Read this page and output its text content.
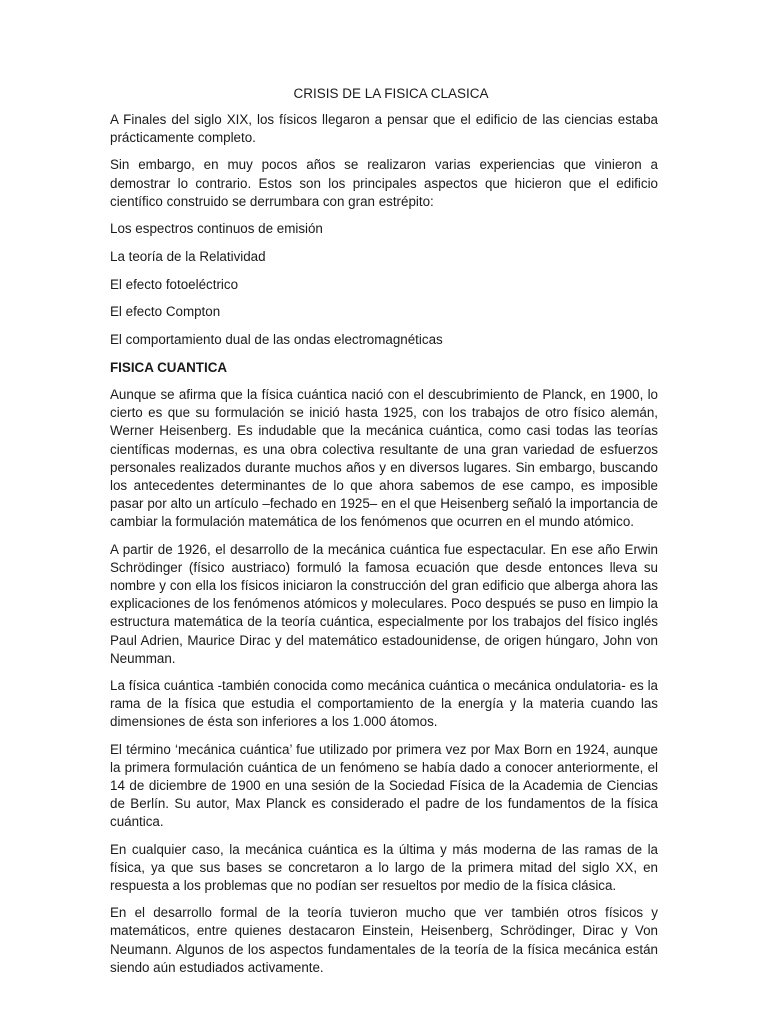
CRISIS DE LA FISICA CLASICA

A Finales del siglo XIX, los físicos llegaron a pensar que el edificio de las ciencias estaba prácticamente completo.

Sin embargo, en muy pocos años se realizaron varias experiencias que vinieron a demostrar lo contrario. Estos son los principales aspectos que hicieron que el edificio científico construido se derrumbara con gran estrépito:

Los espectros continuos de emisión

La teoría de la Relatividad

El efecto fotoeléctrico

El efecto Compton

El comportamiento dual de las ondas electromagnéticas

FISICA CUANTICA

Aunque se afirma que la física cuántica nació con el descubrimiento de Planck, en 1900, lo cierto es que su formulación se inició hasta 1925, con los trabajos de otro físico alemán, Werner Heisenberg. Es indudable que la mecánica cuántica, como casi todas las teorías científicas modernas, es una obra colectiva resultante de una gran variedad de esfuerzos personales realizados durante muchos años y en diversos lugares. Sin embargo, buscando los antecedentes determinantes de lo que ahora sabemos de ese campo, es imposible pasar por alto un artículo –fechado en 1925– en el que Heisenberg señaló la importancia de cambiar la formulación matemática de los fenómenos que ocurren en el mundo atómico.

A partir de 1926, el desarrollo de la mecánica cuántica fue espectacular. En ese año Erwin Schrödinger (físico austriaco) formuló la famosa ecuación que desde entonces lleva su nombre y con ella los físicos iniciaron la construcción del gran edificio que alberga ahora las explicaciones de los fenómenos atómicos y moleculares. Poco después se puso en limpio la estructura matemática de la teoría cuántica, especialmente por los trabajos del físico inglés Paul Adrien, Maurice Dirac y del matemático estadounidense, de origen húngaro, John von Neumman.

La física cuántica -también conocida como mecánica cuántica o mecánica ondulatoria- es la rama de la física que estudia el comportamiento de la energía y la materia cuando las dimensiones de ésta son inferiores a los 1.000 átomos.

El término ‘mecánica cuántica’ fue utilizado por primera vez por Max Born en 1924, aunque la primera formulación cuántica de un fenómeno se había dado a conocer anteriormente, el 14 de diciembre de 1900 en una sesión de la Sociedad Física de la Academia de Ciencias de Berlín. Su autor, Max Planck es considerado el padre de los fundamentos de la física cuántica.

En cualquier caso, la mecánica cuántica es la última y más moderna de las ramas de la física, ya que sus bases se concretaron a lo largo de la primera mitad del siglo XX, en respuesta a los problemas que no podían ser resueltos por medio de la física clásica.

En el desarrollo formal de la teoría tuvieron mucho que ver también otros físicos y matemáticos, entre quienes destacaron Einstein, Heisenberg, Schrödinger, Dirac y Von Neumann. Algunos de los aspectos fundamentales de la teoría de la física mecánica están siendo aún estudiados activamente.
